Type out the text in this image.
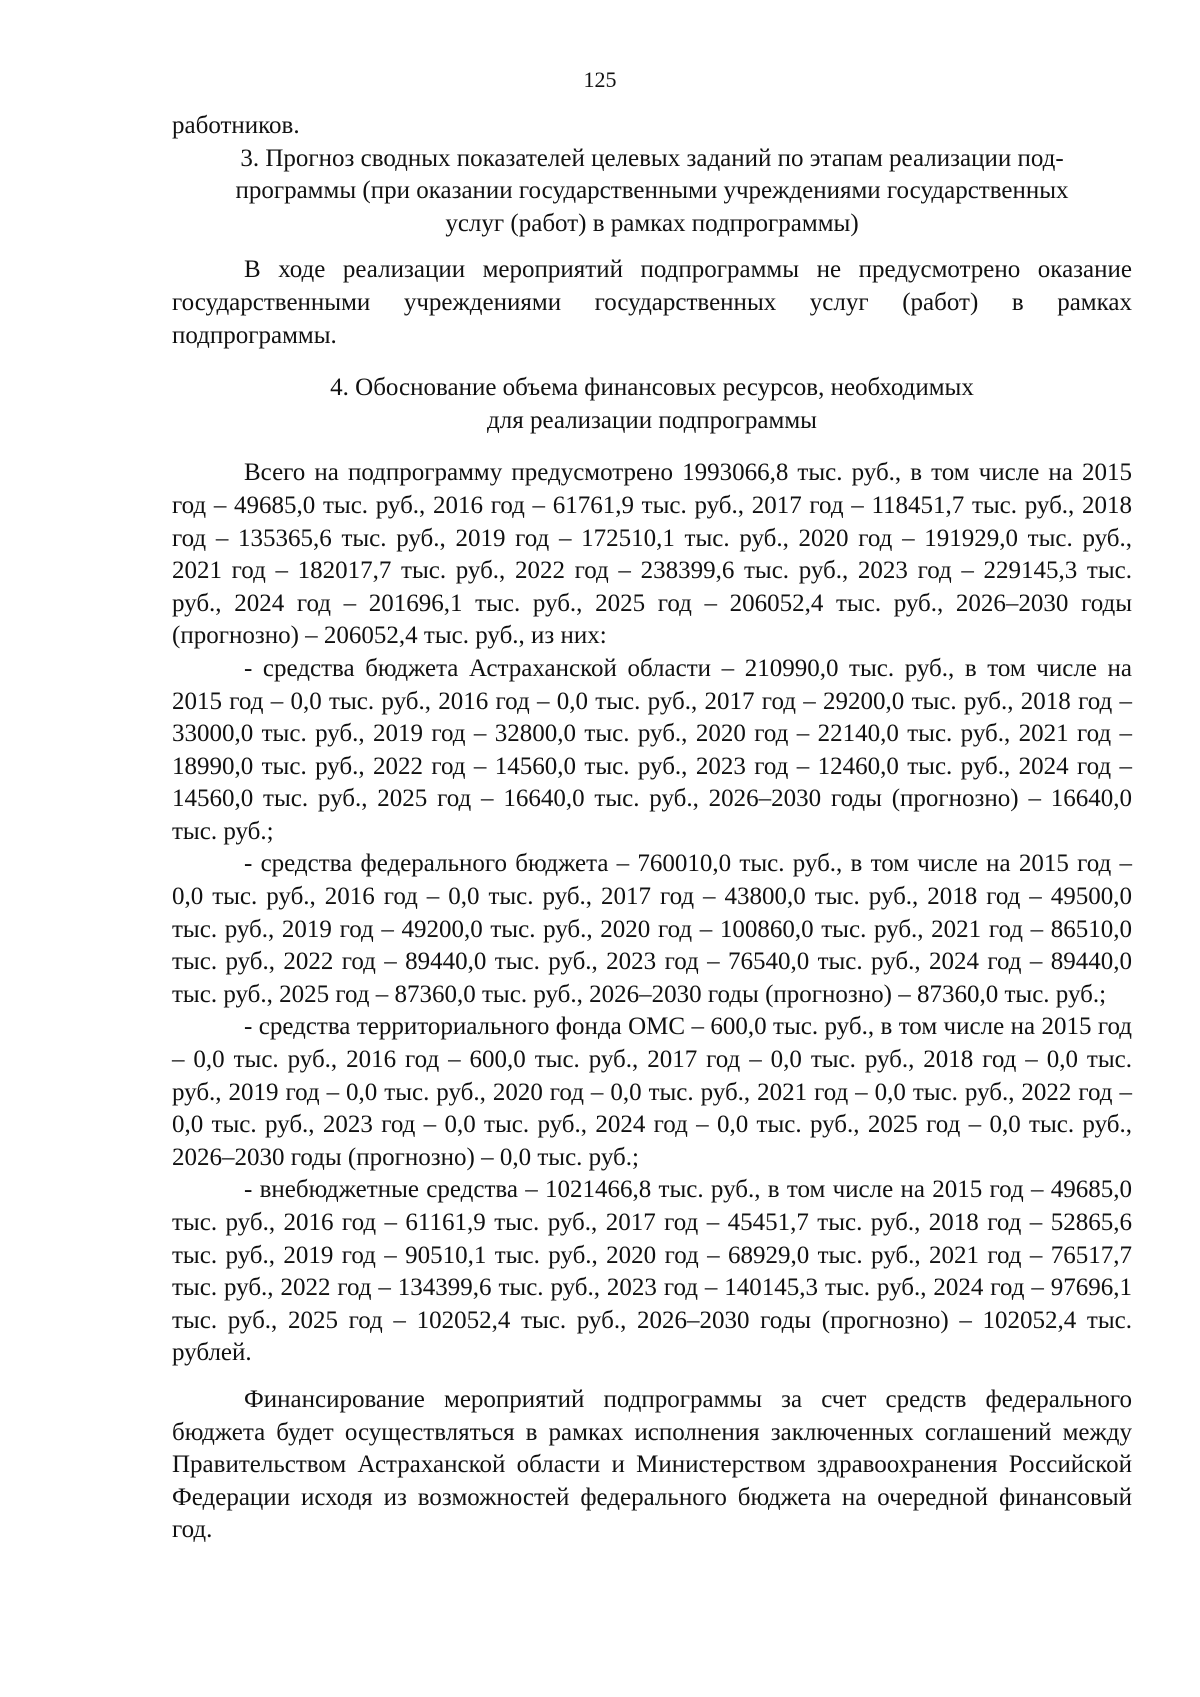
125

работников.

3. Прогноз сводных показателей целевых заданий по этапам реализации под-

программы (при оказании государственными учреждениями государственных

услуг (работ) в рамках подпрограммы)

В ходе реализации мероприятий подпрограммы не предусмотрено оказание государственными учреждениями государственных услуг (работ) в рамках подпрограммы.

4. Обоснование объема финансовых ресурсов, необходимых

для реализации подпрограммы

Всего на подпрограмму предусмотрено 1993066,8 тыс. руб., в том числе на 2015 год – 49685,0 тыс. руб., 2016 год – 61761,9 тыс. руб., 2017 год – 118451,7 тыс. руб., 2018 год – 135365,6 тыс. руб., 2019 год – 172510,1 тыс. руб., 2020 год – 191929,0 тыс. руб., 2021 год – 182017,7 тыс. руб., 2022 год – 238399,6 тыс. руб., 2023 год – 229145,3 тыс. руб., 2024 год – 201696,1 тыс. руб., 2025 год – 206052,4 тыс. руб., 2026–2030 годы (прогнозно) – 206052,4 тыс. руб., из них:

- средства бюджета Астраханской области – 210990,0 тыс. руб., в том числе на 2015 год – 0,0 тыс. руб., 2016 год – 0,0 тыс. руб., 2017 год – 29200,0 тыс. руб., 2018 год – 33000,0 тыс. руб., 2019 год – 32800,0 тыс. руб., 2020 год – 22140,0 тыс. руб., 2021 год – 18990,0 тыс. руб., 2022 год – 14560,0 тыс. руб., 2023 год – 12460,0 тыс. руб., 2024 год – 14560,0 тыс. руб., 2025 год – 16640,0 тыс. руб., 2026–2030 годы (прогнозно) – 16640,0 тыс. руб.;

- средства федерального бюджета – 760010,0 тыс. руб., в том числе на 2015 год – 0,0 тыс. руб., 2016 год – 0,0 тыс. руб., 2017 год – 43800,0 тыс. руб., 2018 год – 49500,0 тыс. руб., 2019 год – 49200,0 тыс. руб., 2020 год – 100860,0 тыс. руб., 2021 год – 86510,0 тыс. руб., 2022 год – 89440,0 тыс. руб., 2023 год – 76540,0 тыс. руб., 2024 год – 89440,0 тыс. руб., 2025 год – 87360,0 тыс. руб., 2026–2030 годы (прогнозно) – 87360,0 тыс. руб.;

- средства территориального фонда ОМС – 600,0 тыс. руб., в том числе на 2015 год – 0,0 тыс. руб., 2016 год – 600,0 тыс. руб., 2017 год – 0,0 тыс. руб., 2018 год – 0,0 тыс. руб., 2019 год – 0,0 тыс. руб., 2020 год – 0,0 тыс. руб., 2021 год – 0,0 тыс. руб., 2022 год – 0,0 тыс. руб., 2023 год – 0,0 тыс. руб., 2024 год – 0,0 тыс. руб., 2025 год – 0,0 тыс. руб., 2026–2030 годы (прогнозно) – 0,0 тыс. руб.;

- внебюджетные средства – 1021466,8 тыс. руб., в том числе на 2015 год – 49685,0 тыс. руб., 2016 год – 61161,9 тыс. руб., 2017 год – 45451,7 тыс. руб., 2018 год – 52865,6 тыс. руб., 2019 год – 90510,1 тыс. руб., 2020 год – 68929,0 тыс. руб., 2021 год – 76517,7 тыс. руб., 2022 год – 134399,6 тыс. руб., 2023 год – 140145,3 тыс. руб., 2024 год – 97696,1 тыс. руб., 2025 год – 102052,4 тыс. руб., 2026–2030 годы (прогнозно) – 102052,4 тыс. рублей.

Финансирование мероприятий подпрограммы за счет средств федерального бюджета будет осуществляться в рамках исполнения заключенных соглашений между Правительством Астраханской области и Министерством здравоохранения Российской Федерации исходя из возможностей федерального бюджета на очередной финансовый год.
